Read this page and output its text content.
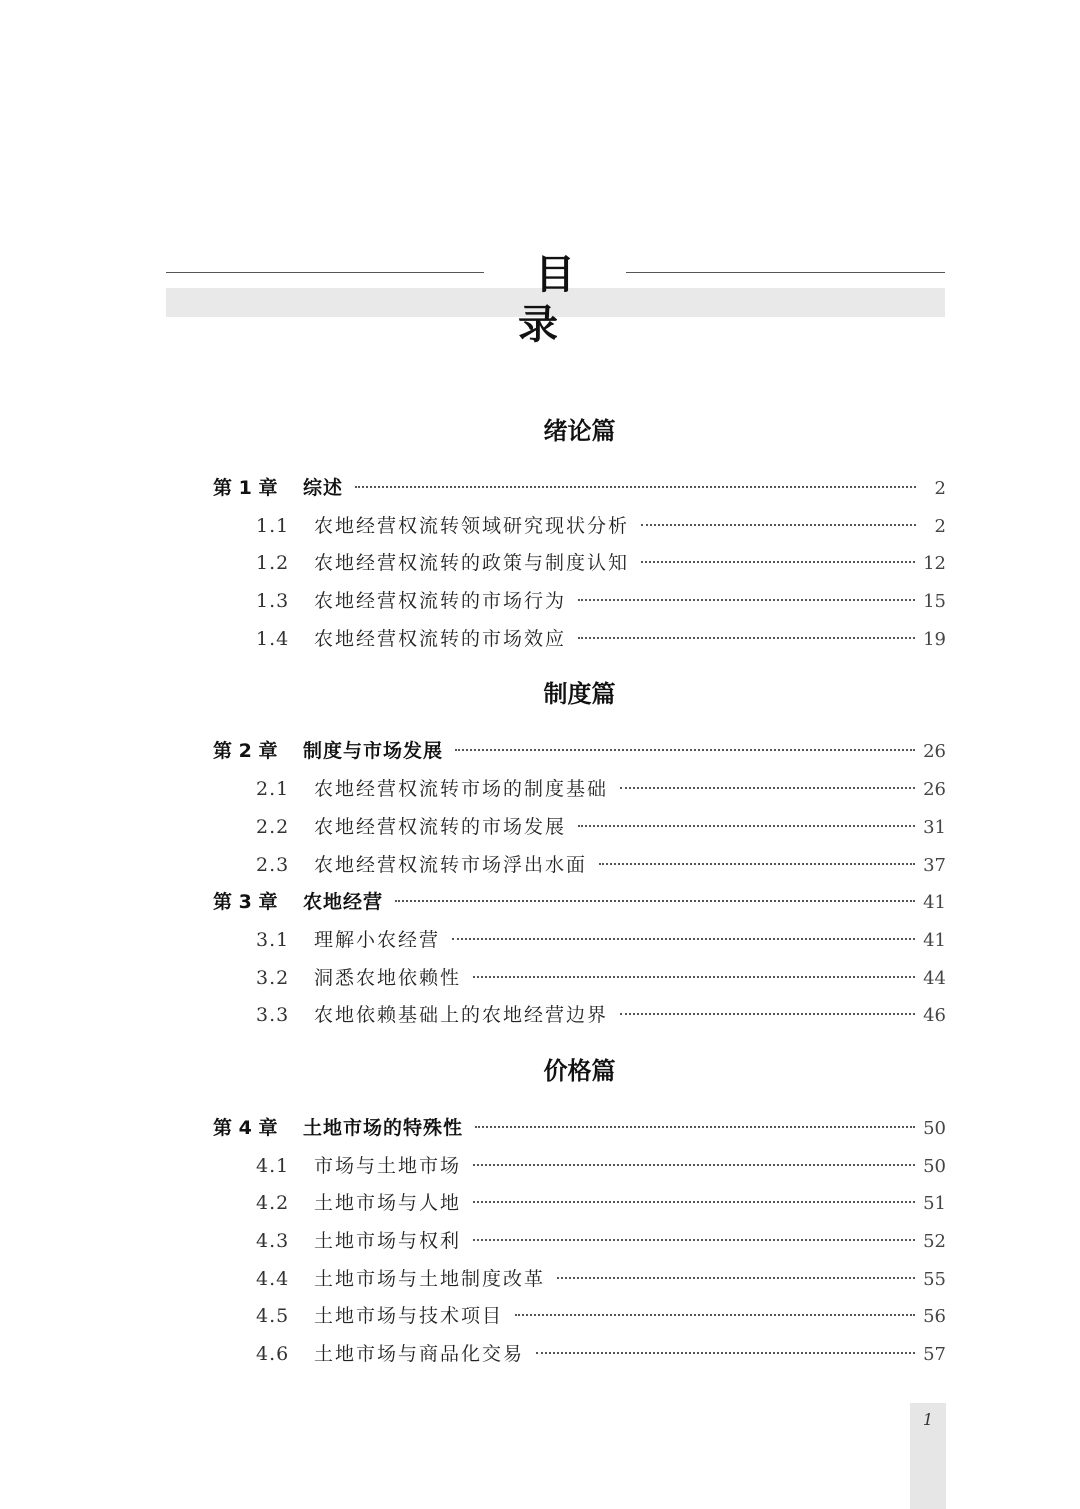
目 录
绪论篇
第 1 章	综述	2
1.1	农地经营权流转领域研究现状分析	2
1.2	农地经营权流转的政策与制度认知	12
1.3	农地经营权流转的市场行为	15
1.4	农地经营权流转的市场效应	19
制度篇
第 2 章	制度与市场发展	26
2.1	农地经营权流转市场的制度基础	26
2.2	农地经营权流转的市场发展	31
2.3	农地经营权流转市场浮出水面	37
第 3 章	农地经营	41
3.1	理解小农经营	41
3.2	洞悉农地依赖性	44
3.3	农地依赖基础上的农地经营边界	46
价格篇
第 4 章	土地市场的特殊性	50
4.1	市场与土地市场	50
4.2	土地市场与人地	51
4.3	土地市场与权利	52
4.4	土地市场与土地制度改革	55
4.5	土地市场与技术项目	56
4.6	土地市场与商品化交易	57
1
